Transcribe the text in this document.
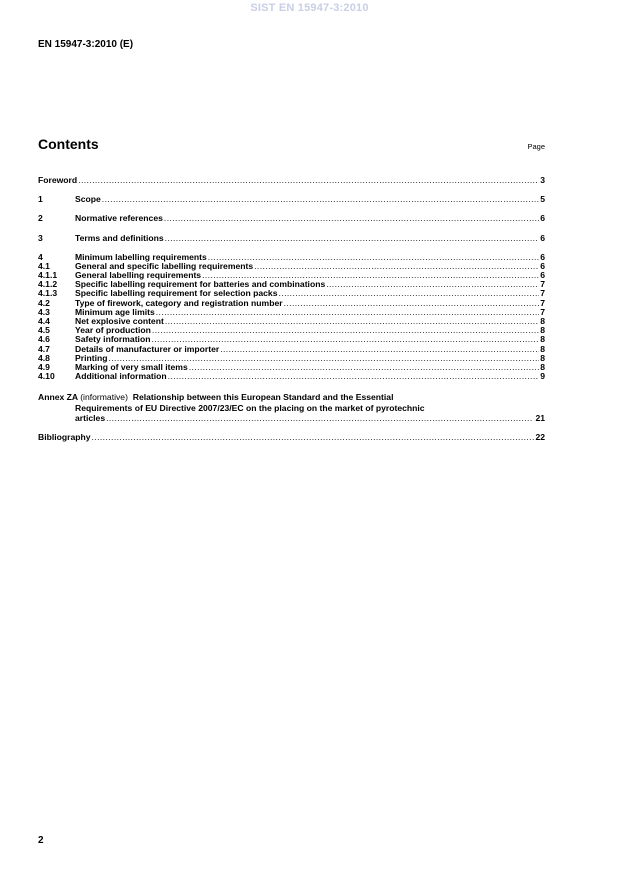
SIST EN 15947-3:2010
EN 15947-3:2010 (E)
Contents	Page
Foreword .....	3
1	Scope .....	5
2	Normative references .....	6
3	Terms and definitions .....	6
4	Minimum labelling requirements .....	6
4.1	General and specific labelling requirements .....	6
4.1.1	General labelling requirements .....	6
4.1.2	Specific labelling requirement for batteries and combinations .....	7
4.1.3	Specific labelling requirement for selection packs .....	7
4.2	Type of firework, category and registration number .....	7
4.3	Minimum age limits .....	7
4.4	Net explosive content .....	8
4.5	Year of production .....	8
4.6	Safety information .....	8
4.7	Details of manufacturer or importer .....	8
4.8	Printing .....	8
4.9	Marking of very small items .....	8
4.10	Additional information .....	9
Annex ZA (informative) Relationship between this European Standard and the Essential
Requirements of EU Directive 2007/23/EC on the placing on the market of pyrotechnic
articles .....	21
Bibliography .....	22
2
